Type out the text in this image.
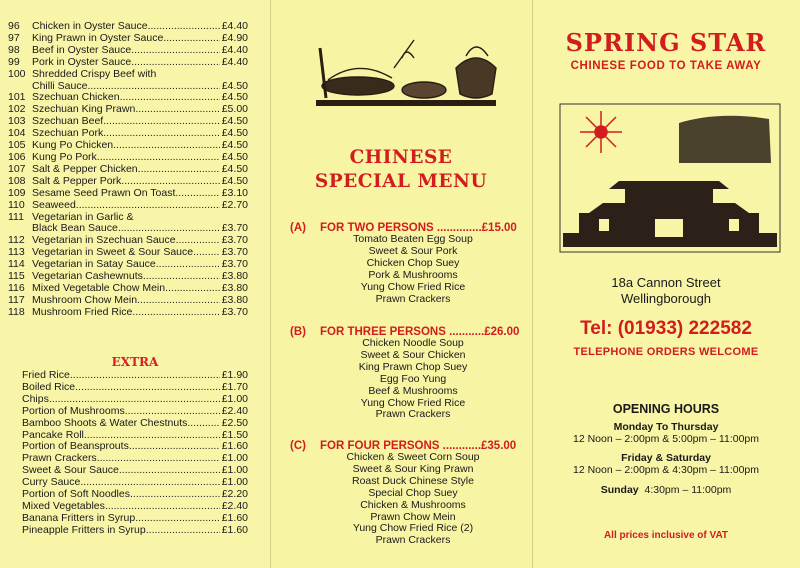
96	Chicken in Oyster Sauce .....	£4.40
97	King Prawn in Oyster Sauce .....	£4.90
98	Beef in Oyster Sauce .....	£4.40
99	Pork in Oyster Sauce .....	£4.40
100 Shredded Crispy Beef with
Chilli Sauce .....	£4.50
101 Szechuan Chicken .....	£4.50
102 Szechuan King Prawn .....	£5.00
103 Szechuan Beef .....	£4.50
104 Szechuan Pork .....	£4.50
105 Kung Po Chicken .....	£4.50
106 Kung Po Pork .....	£4.50
107 Salt & Pepper Chicken .....	£4.50
108 Salt & Pepper Pork .....	£4.50
109 Sesame Seed Prawn On Toast .....	£3.10
110 Seaweed .....	£2.70
111 Vegetarian in Garlic &
Black Bean Sauce .....	£3.70
112 Vegetarian in Szechuan Sauce .....	£3.70
113 Vegetarian in Sweet & Sour Sauce .....	£3.70
114 Vegetarian in Satay Sauce .....	£3.70
115 Vegetarian Cashewnuts .....	£3.80
116 Mixed Vegetable Chow Mein .....	£3.80
117 Mushroom Chow Mein .....	£3.80
118 Mushroom Fried Rice .....	£3.70
EXTRA
Fried Rice .....	£1.90
Boiled Rice .....	£1.70
Chips .....	£1.00
Portion of Mushrooms .....	£2.40
Bamboo Shoots & Water Chestnuts .....	£2.50
Pancake Roll .....	£1.50
Portion of Beansprouts .....	£1.60
Prawn Crackers .....	£1.00
Sweet & Sour Sauce .....	£1.00
Curry Sauce .....	£1.00
Portion of Soft Noodles .....	£2.20
Mixed Vegetables .....	£2.40
Banana Fritters in Syrup .....	£1.60
Pineapple Fritters in Syrup .....	£1.60
CHINESE
SPECIAL MENU
(A)	FOR TWO PERSONS ..............£15.00
Tomato Beaten Egg Soup
Sweet & Sour Pork
Chicken Chop Suey
Pork & Mushrooms
Yung Chow Fried Rice
Prawn Crackers
(B)	FOR THREE PERSONS ...........£26.00
Chicken Noodle Soup
Sweet & Sour Chicken
King Prawn Chop Suey
Egg Foo Yung
Beef & Mushrooms
Yung Chow Fried Rice
Prawn Crackers
(C)	FOR FOUR PERSONS ............£35.00
Chicken & Sweet Corn Soup
Sweet & Sour King Prawn
Roast Duck Chinese Style
Special Chop Suey
Chicken & Mushrooms
Prawn Chow Mein
Yung Chow Fried Rice (2)
Prawn Crackers
SPRING STAR
CHINESE FOOD TO TAKE AWAY
18a Cannon Street
Wellingborough
Tel: (01933) 222582
TELEPHONE ORDERS WELCOME
OPENING HOURS
Monday To Thursday
12 Noon – 2:00pm & 5:00pm – 11:00pm
Friday & Saturday
12 Noon – 2:00pm & 4:30pm – 11:00pm
Sunday 4:30pm – 11:00pm
All prices inclusive of VAT
